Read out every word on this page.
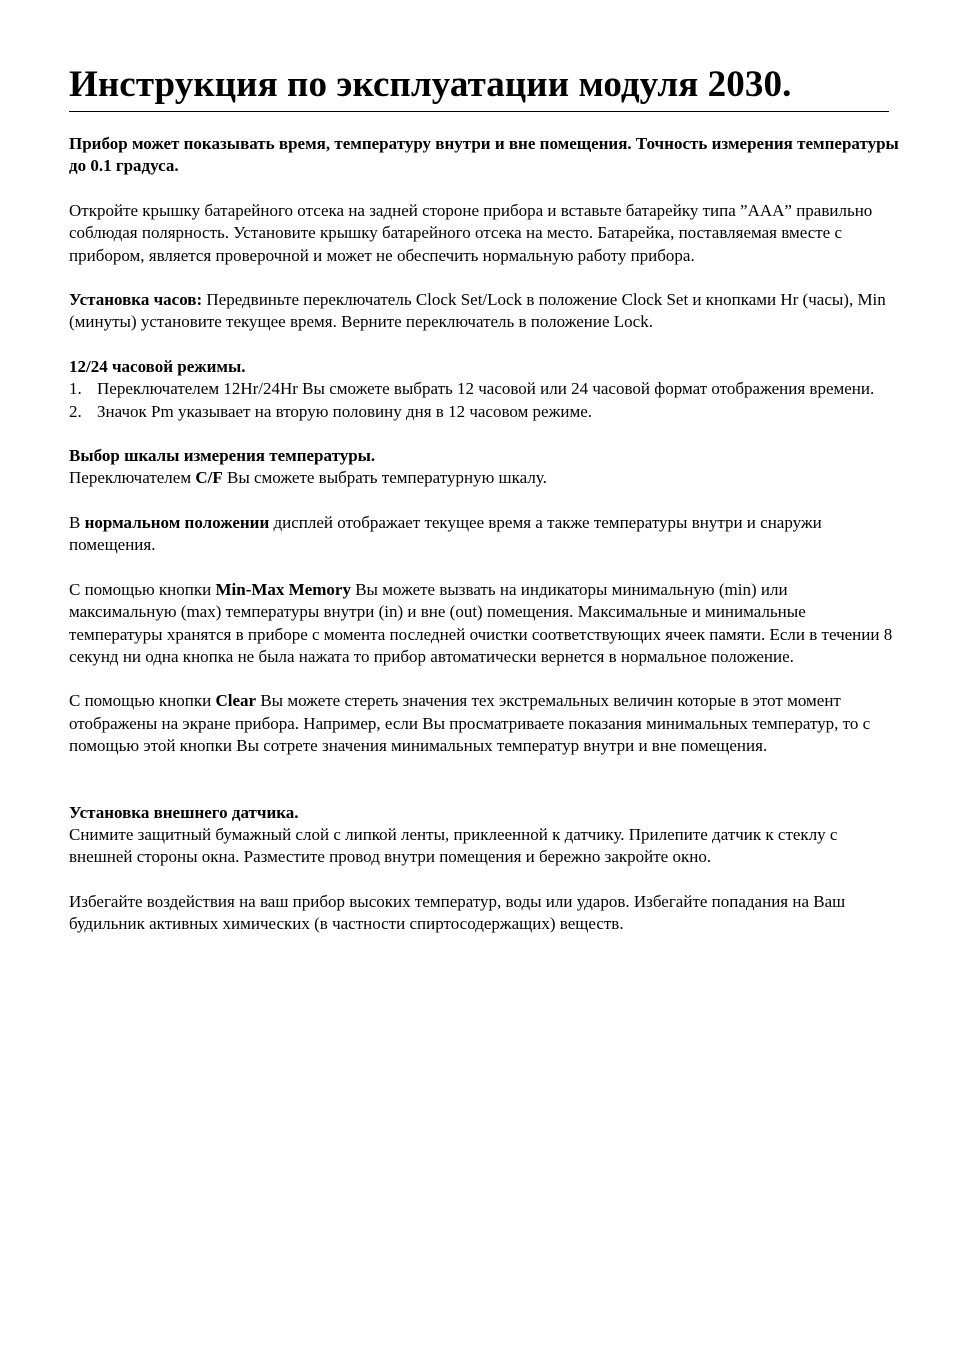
Инструкция по эксплуатации модуля 2030.

Прибор может показывать время, температуру внутри и вне помещения. Точность измерения температуры до 0.1 градуса.

Откройте крышку батарейного отсека на задней стороне прибора и вставьте батарейку типа ”AAA” правильно соблюдая полярность. Установите крышку батарейного отсека на место. Батарейка, поставляемая вместе с прибором, является проверочной и может не обеспечить нормальную работу прибора.

Установка часов: Передвиньте переключатель Clock Set/Lock в положение Clock Set и кнопками Hr (часы), Min (минуты) установите текущее время. Верните переключатель в положение Lock.

12/24 часовой режимы.

1. Переключателем 12Hr/24Hr Вы сможете выбрать 12 часовой или 24 часовой формат отображения времени.
2. Значок Pm указывает на вторую половину дня в 12 часовом режиме.

Выбор шкалы измерения температуры.

Переключателем C/F Вы сможете выбрать температурную шкалу.

В нормальном положении дисплей отображает текущее время а также температуры внутри и снаружи помещения.

С помощью кнопки Min-Max Memory Вы можете вызвать на индикаторы минимальную (min) или максимальную (max) температуры внутри (in) и вне (out) помещения. Максимальные и минимальные температуры хранятся в приборе с момента последней очистки соответствующих ячеек памяти. Если в течении 8 секунд ни одна кнопка не была нажата то прибор автоматически вернется в нормальное положение.

С помощью кнопки Clear Вы можете стереть значения тех экстремальных величин которые в этот момент отображены на экране прибора. Например, если Вы просматриваете показания минимальных температур, то с помощью этой кнопки Вы сотрете значения минимальных температур внутри и вне помещения.

Установка внешнего датчика.

Снимите защитный бумажный слой с липкой ленты, приклеенной к датчику. Прилепите датчик к стеклу с внешней стороны окна. Разместите провод внутри помещения и бережно закройте окно.

Избегайте воздействия на ваш прибор высоких температур, воды или ударов. Избегайте попадания на Ваш будильник активных химических (в частности спиртосодержащих) веществ.
